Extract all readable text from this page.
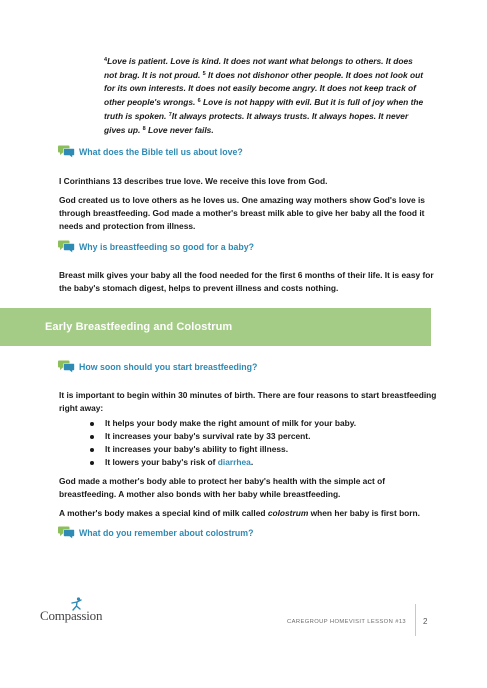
$^4$Love is patient. Love is kind. It does not want what belongs to others. It does not brag. It is not proud. $^5$ It does not dishonor other people. It does not look out for its own interests. It does not easily become angry. It does not keep track of other people's wrongs. $^6$ Love is not happy with evil. But it is full of joy when the truth is spoken. $^7$It always protects. It always trusts. It always hopes. It never gives up. $^8$ Love never fails.
What does the Bible tell us about love?

I Corinthians 13 describes true love. We receive this love from God.

God created us to love others as he loves us. One amazing way mothers show God's love is through breastfeeding. God made a mother's breast milk able to give her baby all the food it needs and protection from illness.

Why is breastfeeding so good for a baby?

Breast milk gives your baby all the food needed for the first 6 months of their life. It is easy for the baby's stomach digest, helps to prevent illness and costs nothing.

Early Breastfeeding and Colostrum
How soon should you start breastfeeding?

It is important to begin within 30 minutes of birth. There are four reasons to start breastfeeding right away:

It helps your body make the right amount of milk for your baby.
It increases your baby's survival rate by 33 percent.
It increases your baby's ability to fight illness.
It lowers your baby's risk of diarrhea.

God made a mother's body able to protect her baby's health with the simple act of breastfeeding. A mother also bonds with her baby while breastfeeding.

A mother's body makes a special kind of milk called colostrum when her baby is first born.

What do you remember about colostrum?
Compassion	CAREGROUP HOMEVISIT LESSON #13 2
